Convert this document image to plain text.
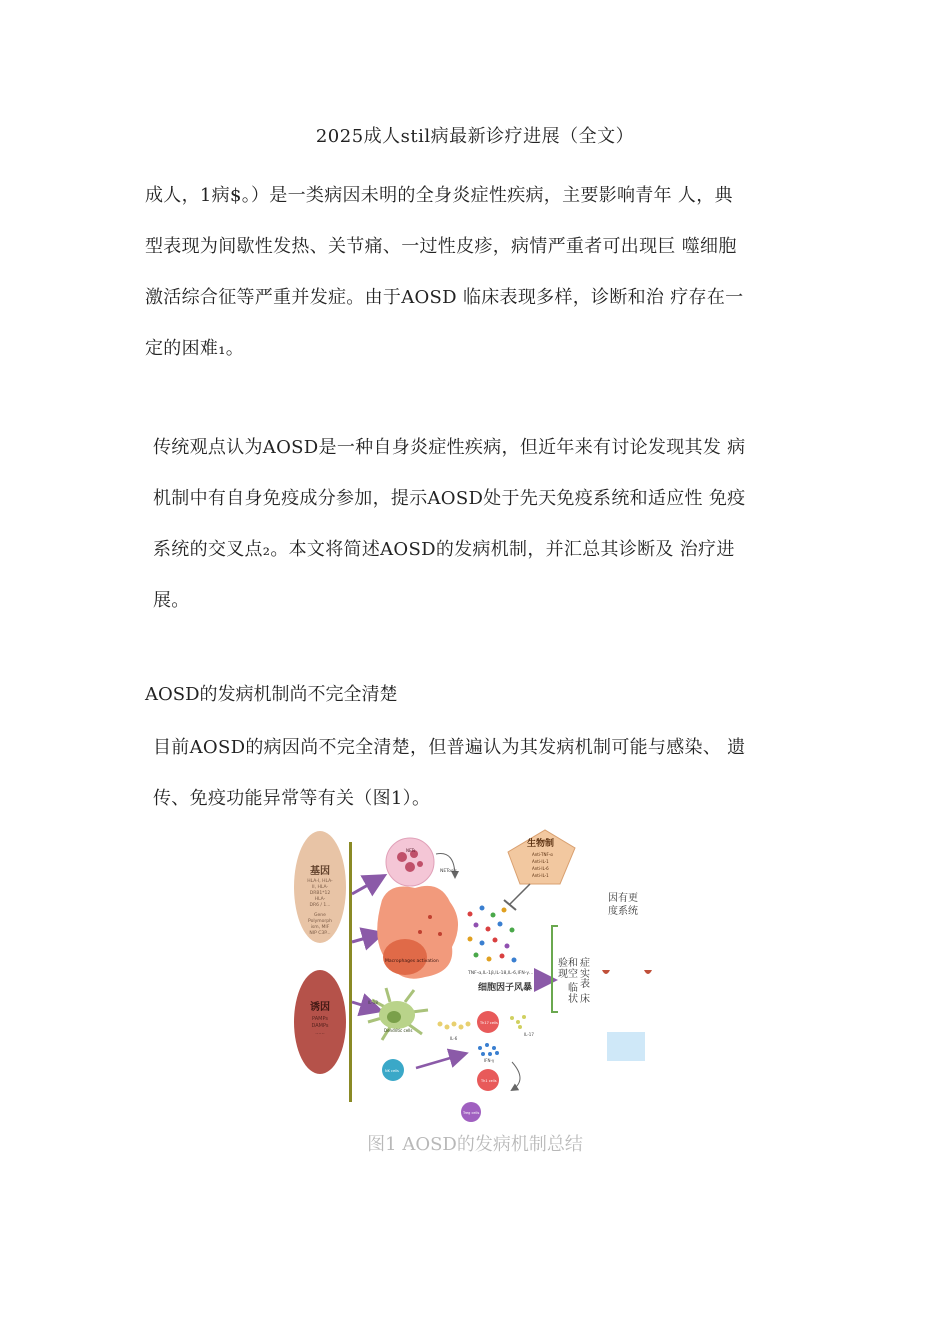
2025成人stil病最新诊疗进展（全文）

成人，1病$。）是一类病因未明的全身炎症性疾病，主要影响青年 人，典
型表现为间歇性发热、关节痛、一过性皮疹，病情严重者可出现巨 噬细胞
激活综合征等严重并发症。由于AOSD 临床表现多样，诊断和治 疗存在一
定的困难₁。

传统观点认为AOSD是一种自身炎症性疾病，但近年来有讨论发现其发 病
机制中有自身免疫成分参加，提示AOSD处于先天免疫系统和适应性 免疫
系统的交叉点₂。本文将简述AOSD的发病机制，并汇总其诊断及 治疗进
展。

AOSD的发病机制尚不完全清楚

目前AOSD的病因尚不完全清楚，但普遍认为其发病机制可能与感染、 遗
传、免疫功能异常等有关（图1）。

基因
HLA-I, HLA-
II, HLA-
DRB1*12
HLA-
DR6 / 1...
Gene
Polymorph
ism, MIF
NIP C3P...
诱因
PAMPs
DAMPs
......
NETs
NETosis
Macrophages activation
TNF-α,IL-1β,IL-18,IL-6,IFN-γ...
细胞因子风暴
生物制
Anti-TNF-α
Anti-IL-1
Anti-IL-6
Anti-IL-1
验和
现空
临
状
症
实
表
床
因有更
度系统
Dendritic cells
IL-6
IL-18
Th17 cells
IL-17
Th1 cells
IFN-γ
NK cells
Treg cells
图1 AOSD的发病机制总结
